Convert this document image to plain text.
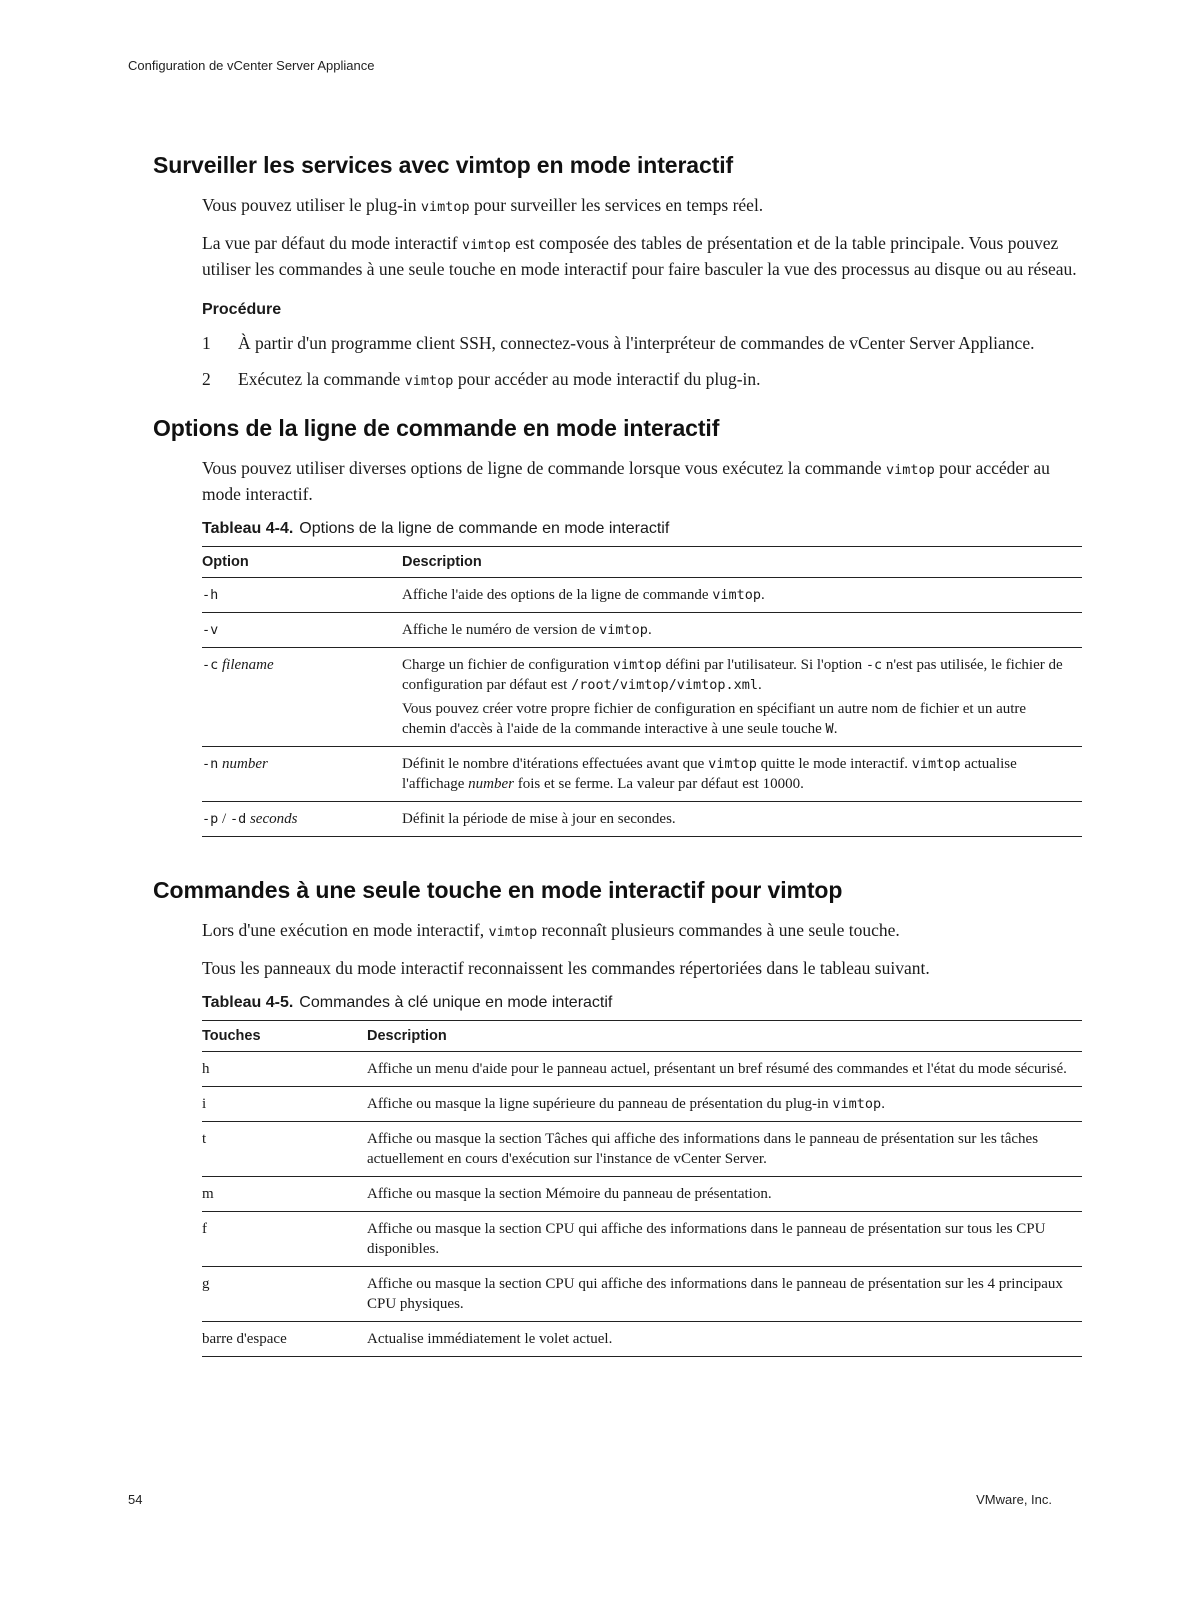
Configuration de vCenter Server Appliance
Surveiller les services avec vimtop en mode interactif

Vous pouvez utiliser le plug-in vimtop pour surveiller les services en temps réel.

La vue par défaut du mode interactif vimtop est composée des tables de présentation et de la table principale. Vous pouvez utiliser les commandes à une seule touche en mode interactif pour faire basculer la vue des processus au disque ou au réseau.

Procédure
1	À partir d'un programme client SSH, connectez-vous à l'interpréteur de commandes de vCenter Server Appliance.
2	Exécutez la commande vimtop pour accéder au mode interactif du plug-in.
Options de la ligne de commande en mode interactif

Vous pouvez utiliser diverses options de ligne de commande lorsque vous exécutez la commande vimtop pour accéder au mode interactif.

Tableau 4-4. Options de la ligne de commande en mode interactif
Option	Description
-h	Affiche l'aide des options de la ligne de commande vimtop.
-v	Affiche le numéro de version de vimtop.
-c filename	Charge un fichier de configuration vimtop défini par l'utilisateur. Si l'option -c n'est pas utilisée, le fichier de configuration par défaut est /root/vimtop/vimtop.xml.
Vous pouvez créer votre propre fichier de configuration en spécifiant un autre nom de fichier et un autre chemin d'accès à l'aide de la commande interactive à une seule touche W.

-n number	Définit le nombre d'itérations effectuées avant que vimtop quitte le mode interactif. vimtop actualise l'affichage number fois et se ferme. La valeur par défaut est 10000.
-p / -d seconds	Définit la période de mise à jour en secondes.
Commandes à une seule touche en mode interactif pour vimtop

Lors d'une exécution en mode interactif, vimtop reconnaît plusieurs commandes à une seule touche.

Tous les panneaux du mode interactif reconnaissent les commandes répertoriées dans le tableau suivant.

Tableau 4-5. Commandes à clé unique en mode interactif
Touches	Description
h	Affiche un menu d'aide pour le panneau actuel, présentant un bref résumé des commandes et l'état du mode sécurisé.
i	Affiche ou masque la ligne supérieure du panneau de présentation du plug-in vimtop.
t	Affiche ou masque la section Tâches qui affiche des informations dans le panneau de présentation sur les tâches actuellement en cours d'exécution sur l'instance de vCenter Server.
m	Affiche ou masque la section Mémoire du panneau de présentation.
f	Affiche ou masque la section CPU qui affiche des informations dans le panneau de présentation sur tous les CPU disponibles.
g	Affiche ou masque la section CPU qui affiche des informations dans le panneau de présentation sur les 4 principaux CPU physiques.
barre d'espace	Actualise immédiatement le volet actuel.
54	VMware, Inc.
